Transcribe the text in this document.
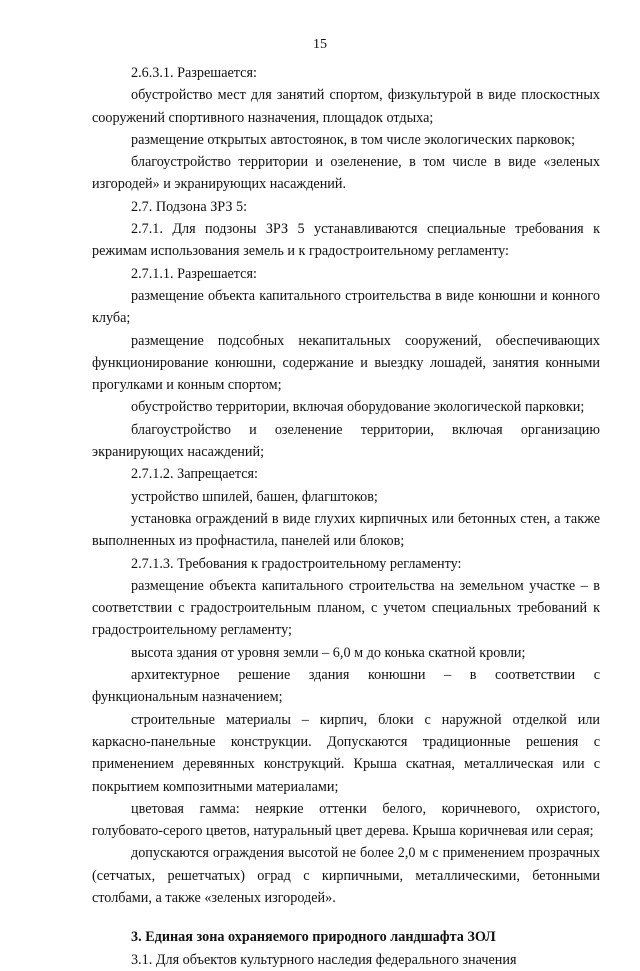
15

2.6.3.1. Разрешается:

обустройство мест для занятий спортом, физкультурой в виде плоскостных сооружений спортивного назначения, площадок отдыха;

размещение открытых автостоянок, в том числе экологических парковок;

благоустройство территории и озеленение, в том числе в виде «зеленых изгородей» и экранирующих насаждений.

2.7. Подзона ЗРЗ 5:

2.7.1. Для подзоны ЗРЗ 5 устанавливаются специальные требования к режимам использования земель и к градостроительному регламенту:

2.7.1.1. Разрешается:

размещение объекта капитального строительства в виде конюшни и конного клуба;

размещение подсобных некапитальных сооружений, обеспечивающих функционирование конюшни, содержание и выездку лошадей, занятия конными прогулками и конным спортом;

обустройство территории, включая оборудование экологической парковки;

благоустройство и озеленение территории, включая организацию экранирующих насаждений;

2.7.1.2. Запрещается:

устройство шпилей, башен, флагштоков;

установка ограждений в виде глухих кирпичных или бетонных стен, а также выполненных из профнастила, панелей или блоков;

2.7.1.3. Требования к градостроительному регламенту:

размещение объекта капитального строительства на земельном участке – в соответствии с градостроительным планом, с учетом специальных требований к градостроительному регламенту;

высота здания от уровня земли – 6,0 м до конька скатной кровли;

архитектурное решение здания конюшни – в соответствии с функциональным назначением;

строительные материалы – кирпич, блоки с наружной отделкой или каркасно-панельные конструкции. Допускаются традиционные решения с применением деревянных конструкций. Крыша скатная, металлическая или с покрытием композитными материалами;

цветовая гамма: неяркие оттенки белого, коричневого, охристого, голубовато-серого цветов, натуральный цвет дерева. Крыша коричневая или серая;

допускаются ограждения высотой не более 2,0 м с применением прозрачных (сетчатых, решетчатых) оград с кирпичными, металлическими, бетонными столбами, а также «зеленых изгородей».

3. Единая зона охраняемого природного ландшафта ЗОЛ

3.1. Для объектов культурного наследия федерального значения
